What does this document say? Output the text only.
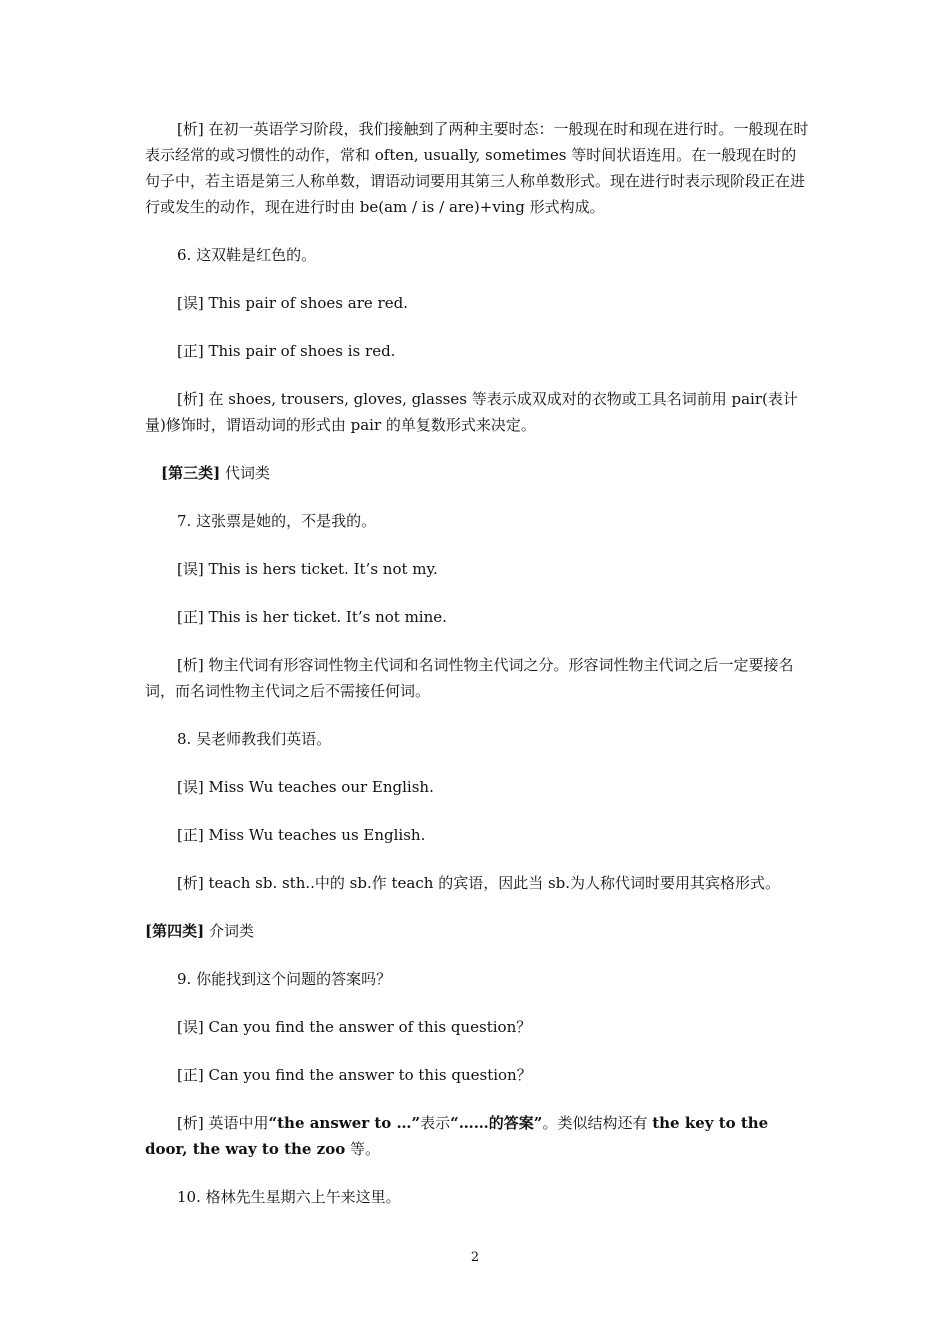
[析] 在初一英语学习阶段，我们接触到了两种主要时态：一般现在时和现在进行时。一般现在时表示经常的或习惯性的动作，常和 often, usually, sometimes 等时间状语连用。在一般现在时的句子中，若主语是第三人称单数，谓语动词要用其第三人称单数形式。现在进行时表示现阶段正在进行或发生的动作，现在进行时由 be(am / is / are)+ving 形式构成。

6. 这双鞋是红色的。

[误] This pair of shoes are red.

[正] This pair of shoes is red.

[析] 在 shoes, trousers, gloves, glasses 等表示成双成对的衣物或工具名词前用 pair(表计量)修饰时，谓语动词的形式由 pair 的单复数形式来决定。

[第三类] 代词类

7. 这张票是她的，不是我的。

[误] This is hers ticket. It’s not my.

[正] This is her ticket. It’s not mine.

[析] 物主代词有形容词性物主代词和名词性物主代词之分。形容词性物主代词之后一定要接名词，而名词性物主代词之后不需接任何词。

8. 吴老师教我们英语。

[误] Miss Wu teaches our English.

[正] Miss Wu teaches us English.

[析] teach sb. sth..中的 sb.作 teach 的宾语，因此当 sb.为人称代词时要用其宾格形式。

[第四类] 介词类

9. 你能找到这个问题的答案吗？

[误] Can you find the answer of this question？

[正] Can you find the answer to this question？

[析] 英语中用“the answer to …”表示“……的答案”。类似结构还有 the key to the door, the way to the zoo 等。

10. 格林先生星期六上午来这里。

2
